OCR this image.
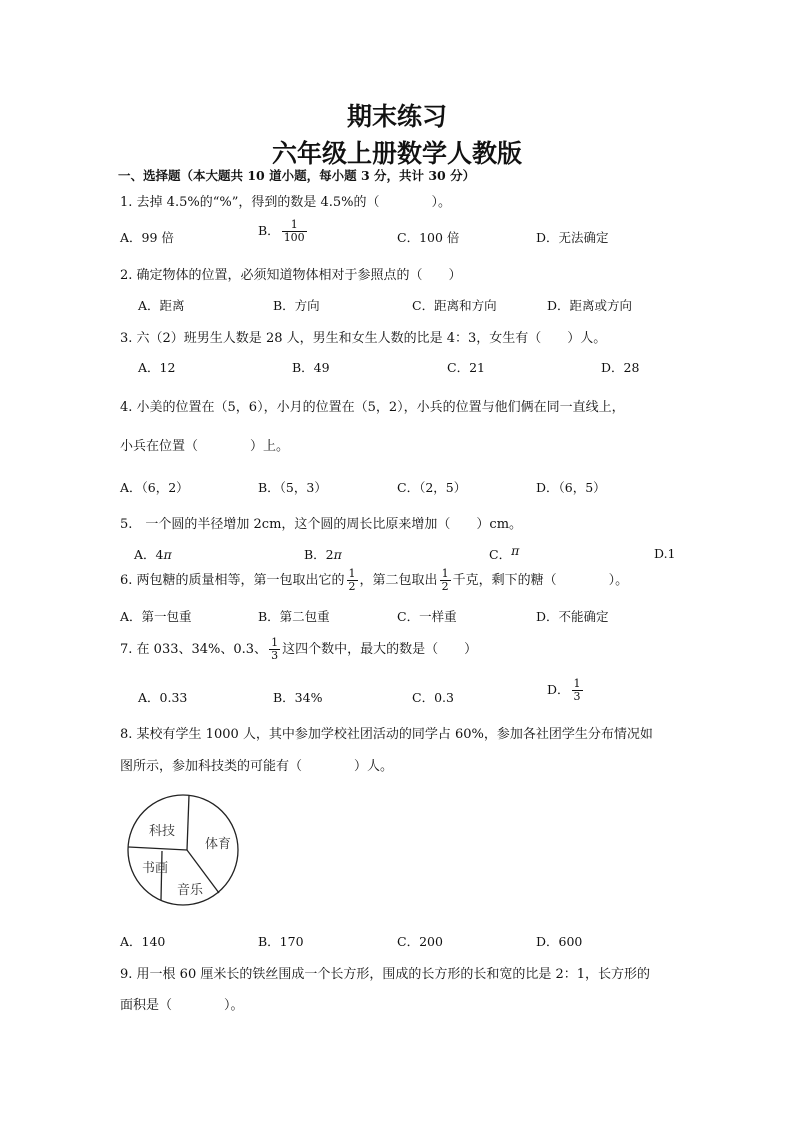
期末练习
六年级上册数学人教版
一、选择题（本大题共 10 道小题，每小题 3 分，共计 30 分）
1. 去掉 4.5%的“%”，得到的数是 4.5%的（　　　　）。
A．99 倍	B． $\frac{1}{100}$	C．100 倍	D．无法确定
2. 确定物体的位置，必须知道物体相对于参照点的（　　）
A．距离	B．方向	C．距离和方向	D．距离或方向
3. 六（2）班男生人数是 28 人，男生和女生人数的比是 4：3，女生有（　　）人。
A．12	B．49	C．21	D．28
4. 小美的位置在（5，6），小月的位置在（5，2），小兵的位置与他们俩在同一直线上，
小兵在位置（　　　　）上。
A．（6，2）	B．（5，3）	C．（2，5）	D．（6，5）
5.　一个圆的半径增加 2cm，这个圆的周长比原来增加（　　）cm。
A．4π	B．2π	C．π	D.1
6. 两包糖的质量相等，第一包取出它的 $\frac{1}{2}$ ，第二包取出 $\frac{1}{2}$ 千克，剩下的糖（　　　　）。
A．第一包重	B．第二包重	C．一样重	D．不能确定
7. 在 033、34%、0.3、 $\frac{1}{3}$ 这四个数中，最大的数是（　　）
A．0.33	B．34%	C．0.3
D． $\frac{1}{3}$
8. 某校有学生 1000 人，其中参加学校社团活动的同学占 60%，参加各社团学生分布情况如
图所示，参加科技类的可能有（　　　　）人。
科技
体育
书画
音乐
A．140	B．170	C．200	D．600
9. 用一根 60 厘米长的铁丝围成一个长方形，围成的长方形的长和宽的比是 2：1，长方形的
面积是（　　　　）。
